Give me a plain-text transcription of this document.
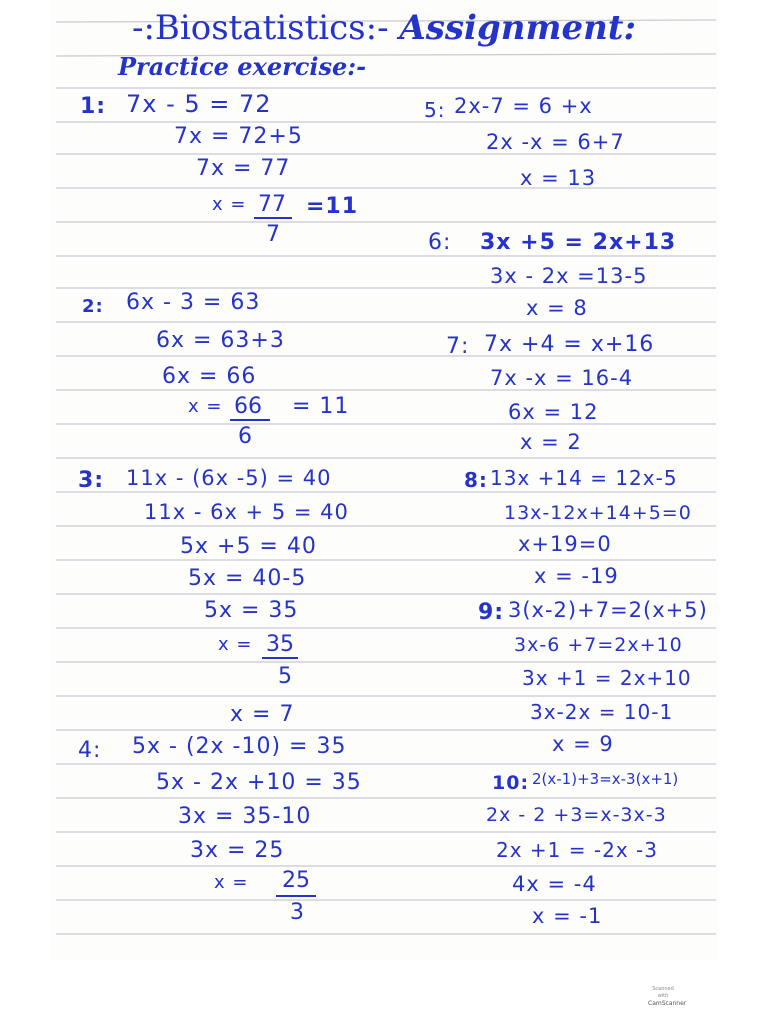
-:Biostatistics:- Assignment:
Practice exercise:-
1: 7x - 5 = 72
7x = 72+5
7x = 77
x = 77
7
=11
2: 6x - 3 = 63
6x = 63+3
6x = 66
x = 66
6
= 11
3: 11x - (6x -5) = 40
11x - 6x + 5 = 40
5x +5 = 40
5x = 40-5
5x = 35
x = 35
5
x = 7
4: 5x - (2x -10) = 35
5x - 2x +10 = 35
3x = 35-10
3x = 25
x = 25
3
5: 2x-7 = 6 +x
2x -x = 6+7
x = 13
6: 3x +5 = 2x+13
3x - 2x =13-5
x = 8
7: 7x +4 = x+16
7x -x = 16-4
6x = 12
x = 2
8: 13x +14 = 12x-5
13x-12x+14+5=0
x+19=0
x = -19
9: 3(x-2)+7=2(x+5)
3x-6 +7=2x+10
3x +1 = 2x+10
3x-2x = 10-1
x = 9
10: 2(x-1)+3=x-3(x+1)
2x - 2 +3=x-3x-3
2x +1 = -2x -3
4x = -4
x = -1
Scanned with
CamScanner
